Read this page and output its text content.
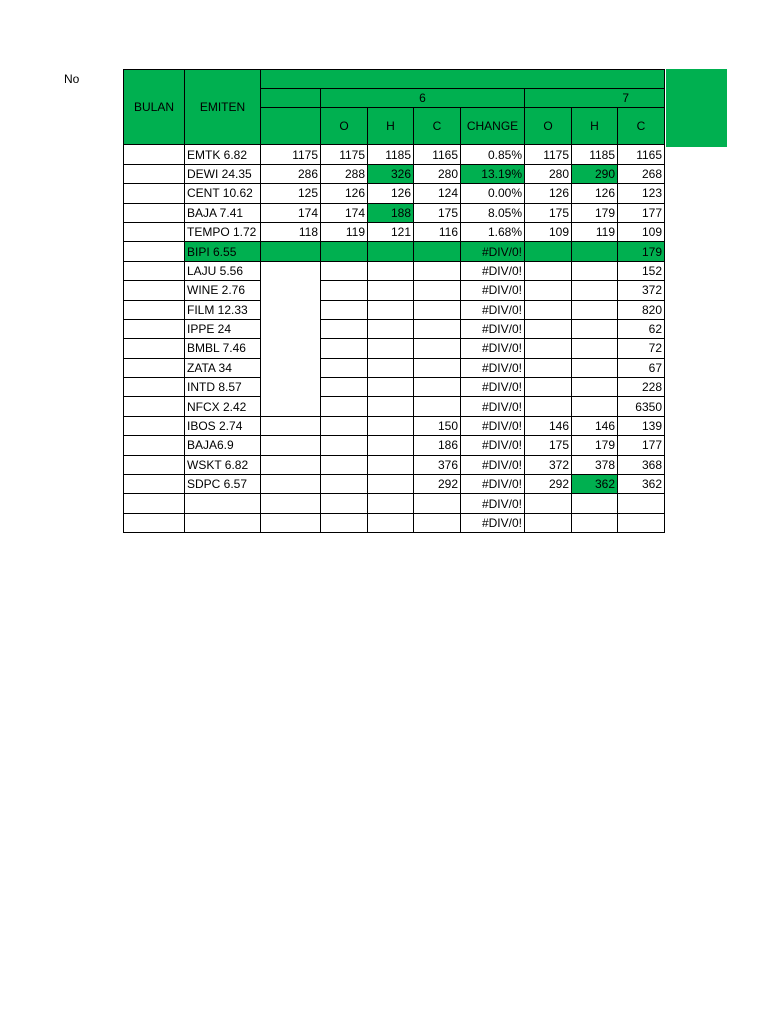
No
BULAN	EMITEN								
			6				7		
			O	H	C	CHANGE	O	H	C
	EMTK 6.82	1175	1175	1185	1165	0.85%	1175	1185	1165
	DEWI 24.35	286	288	326	280	13.19%	280	290	268
	CENT 10.62	125	126	126	124	0.00%	126	126	123
	BAJA 7.41	174	174	188	175	8.05%	175	179	177
	TEMPO 1.72	118	119	121	116	1.68%	109	119	109
	BIPI 6.55					#DIV/0!			179
	LAJU 5.56					#DIV/0!			152
	WINE 2.76					#DIV/0!			372
	FILM 12.33					#DIV/0!			820
	IPPE 24					#DIV/0!			62
	BMBL 7.46					#DIV/0!			72
	ZATA 34					#DIV/0!			67
	INTD 8.57					#DIV/0!			228
	NFCX 2.42					#DIV/0!			6350
	IBOS 2.74				150	#DIV/0!	146	146	139
	BAJA6.9				186	#DIV/0!	175	179	177
	WSKT 6.82				376	#DIV/0!	372	378	368
	SDPC 6.57				292	#DIV/0!	292	362	362
						#DIV/0!			
						#DIV/0!			
